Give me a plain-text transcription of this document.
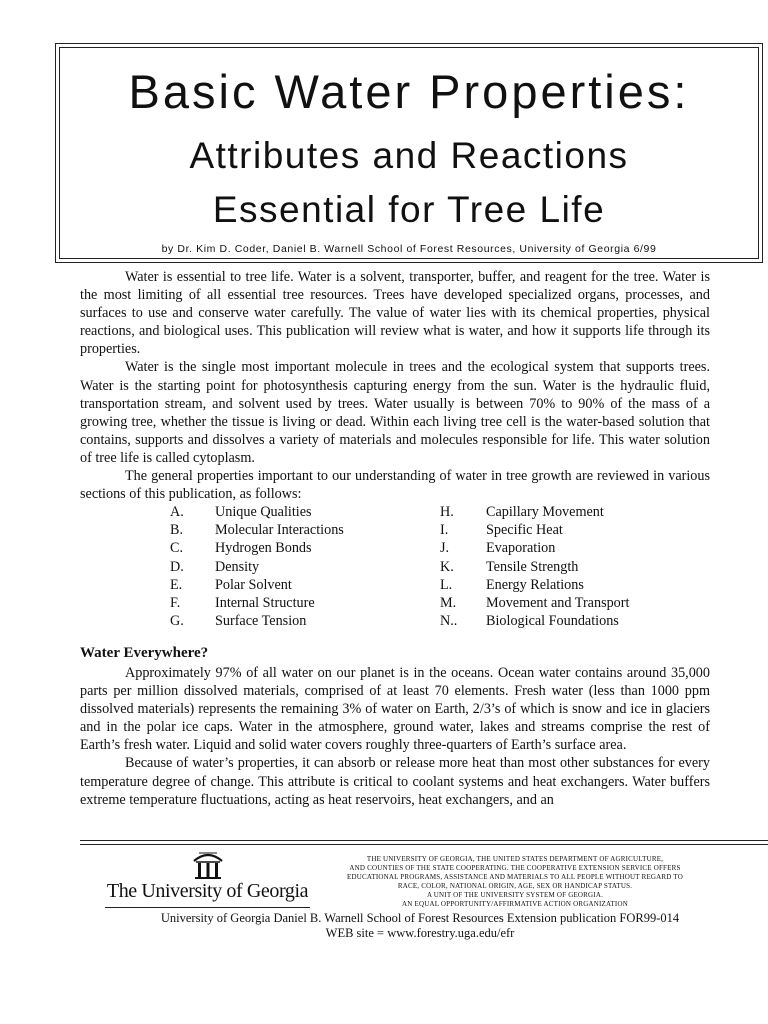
Basic Water Properties:
Attributes and Reactions
Essential for Tree Life
by Dr. Kim D. Coder, Daniel B. Warnell School of Forest Resources, University of Georgia 6/99

Water is essential to tree life. Water is a solvent, transporter, buffer, and reagent for the tree. Water is the most limiting of all essential tree resources. Trees have developed specialized organs, processes, and surfaces to use and conserve water carefully. The value of water lies with its chemical properties, physical reactions, and biological uses. This publication will review what is water, and how it supports life through its properties.

Water is the single most important molecule in trees and the ecological system that supports trees. Water is the starting point for photosynthesis capturing energy from the sun. Water is the hydraulic fluid, transportation stream, and solvent used by trees. Water usually is between 70% to 90% of the mass of a growing tree, whether the tissue is living or dead. Within each living tree cell is the water-based solution that contains, supports and dissolves a variety of materials and molecules responsible for life. This water solution of tree life is called cytoplasm.

The general properties important to our understanding of water in tree growth are reviewed in various sections of this publication, as follows:

A.	Unique Qualities	H.	Capillary Movement
B.	Molecular Interactions	I.	Specific Heat
C.	Hydrogen Bonds	J.	Evaporation
D.	Density	K.	Tensile Strength
E.	Polar Solvent	L.	Energy Relations
F.	Internal Structure	M.	Movement and Transport
G.	Surface Tension	N..	Biological Foundations
Water Everywhere?

Approximately 97% of all water on our planet is in the oceans. Ocean water contains around 35,000 parts per million dissolved materials, comprised of at least 70 elements. Fresh water (less than 1000 ppm dissolved materials) represents the remaining 3% of water on Earth, 2/3’s of which is snow and ice in glaciers and in the polar ice caps. Water in the atmosphere, ground water, lakes and streams comprise the rest of Earth’s fresh water. Liquid and solid water covers roughly three-quarters of Earth’s surface area.

Because of water’s properties, it can absorb or release more heat than most other substances for every temperature degree of change. This attribute is critical to coolant systems and heat exchangers. Water buffers extreme temperature fluctuations, acting as heat reservoirs, heat exchangers, and an

The University of Georgia
THE UNIVERSITY OF GEORGIA, THE UNITED STATES DEPARTMENT OF AGRICULTURE,
AND COUNTIES OF THE STATE COOPERATING. THE COOPERATIVE EXTENSION SERVICE OFFERS
EDUCATIONAL PROGRAMS, ASSISTANCE AND MATERIALS TO ALL PEOPLE WITHOUT REGARD TO
RACE, COLOR, NATIONAL ORIGIN, AGE, SEX OR HANDICAP STATUS.
A UNIT OF THE UNIVERSITY SYSTEM OF GEORGIA.
AN EQUAL OPPORTUNITY/AFFIRMATIVE ACTION ORGANIZATION
University of Georgia Daniel B. Warnell School of Forest Resources Extension publication FOR99-014
WEB site = www.forestry.uga.edu/efr
